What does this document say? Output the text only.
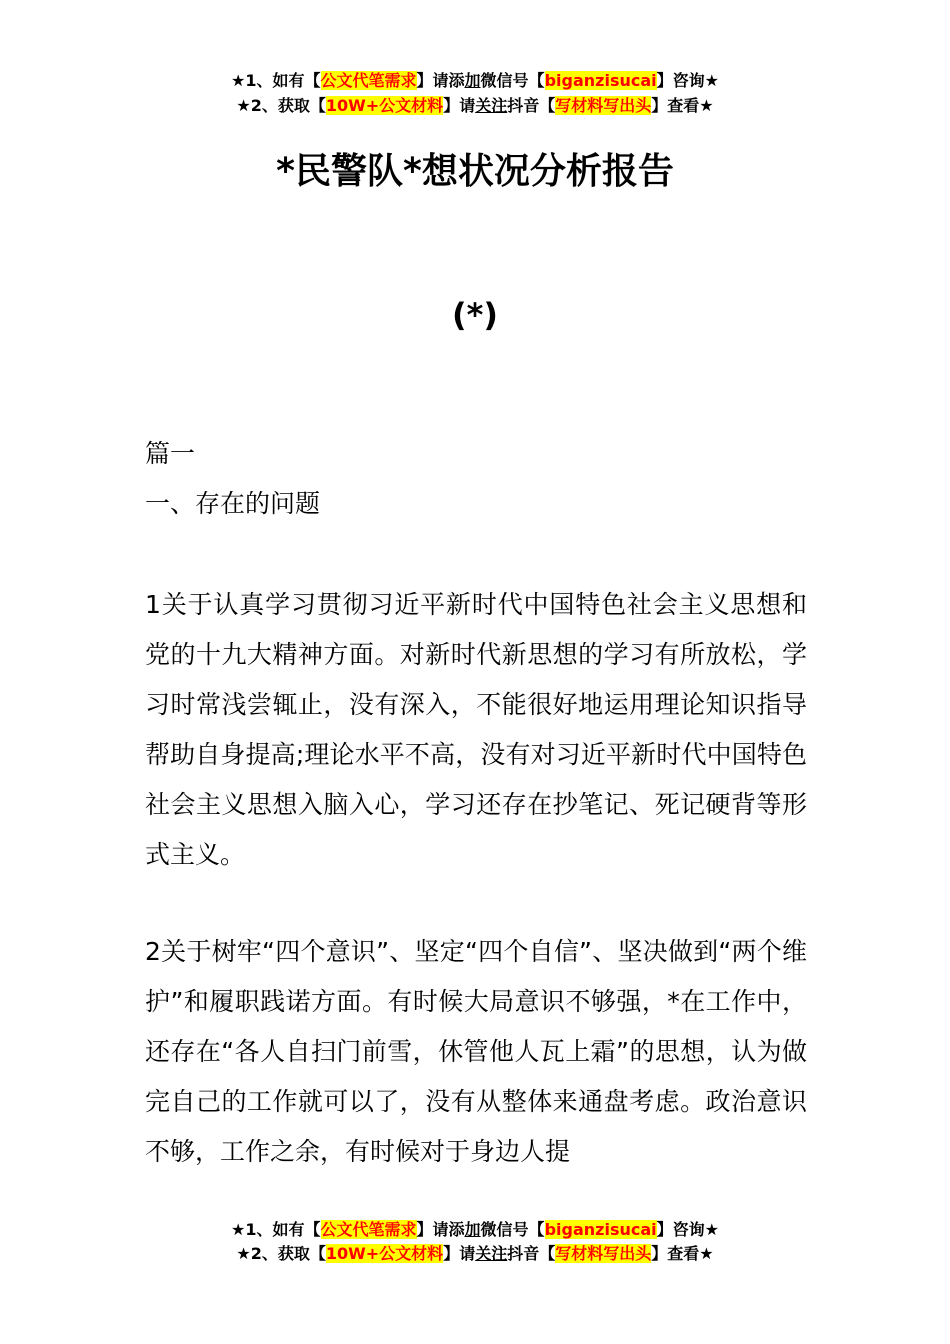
★1、如有【公文代笔需求】请添加微信号【biganzisucai】咨询★
★2、获取【10W+公文材料】请关注抖音【写材料写出头】查看★
*民警队*想状况分析报告
(*)
篇一
一、存在的问题
1关于认真学习贯彻习近平新时代中国特色社会主义思想和党的十九大精神方面。对新时代新思想的学习有所放松，学习时常浅尝辄止，没有深入，不能很好地运用理论知识指导帮助自身提高;理论水平不高，没有对习近平新时代中国特色社会主义思想入脑入心，学习还存在抄笔记、死记硬背等形式主义。
2关于树牢“四个意识”、坚定“四个自信”、坚决做到“两个维护”和履职践诺方面。有时候大局意识不够强，*在工作中，还存在“各人自扫门前雪，休管他人瓦上霜”的思想，认为做完自己的工作就可以了，没有从整体来通盘考虑。政治意识不够，工作之余，有时候对于身边人提
★1、如有【公文代笔需求】请添加微信号【biganzisucai】咨询★
★2、获取【10W+公文材料】请关注抖音【写材料写出头】查看★
